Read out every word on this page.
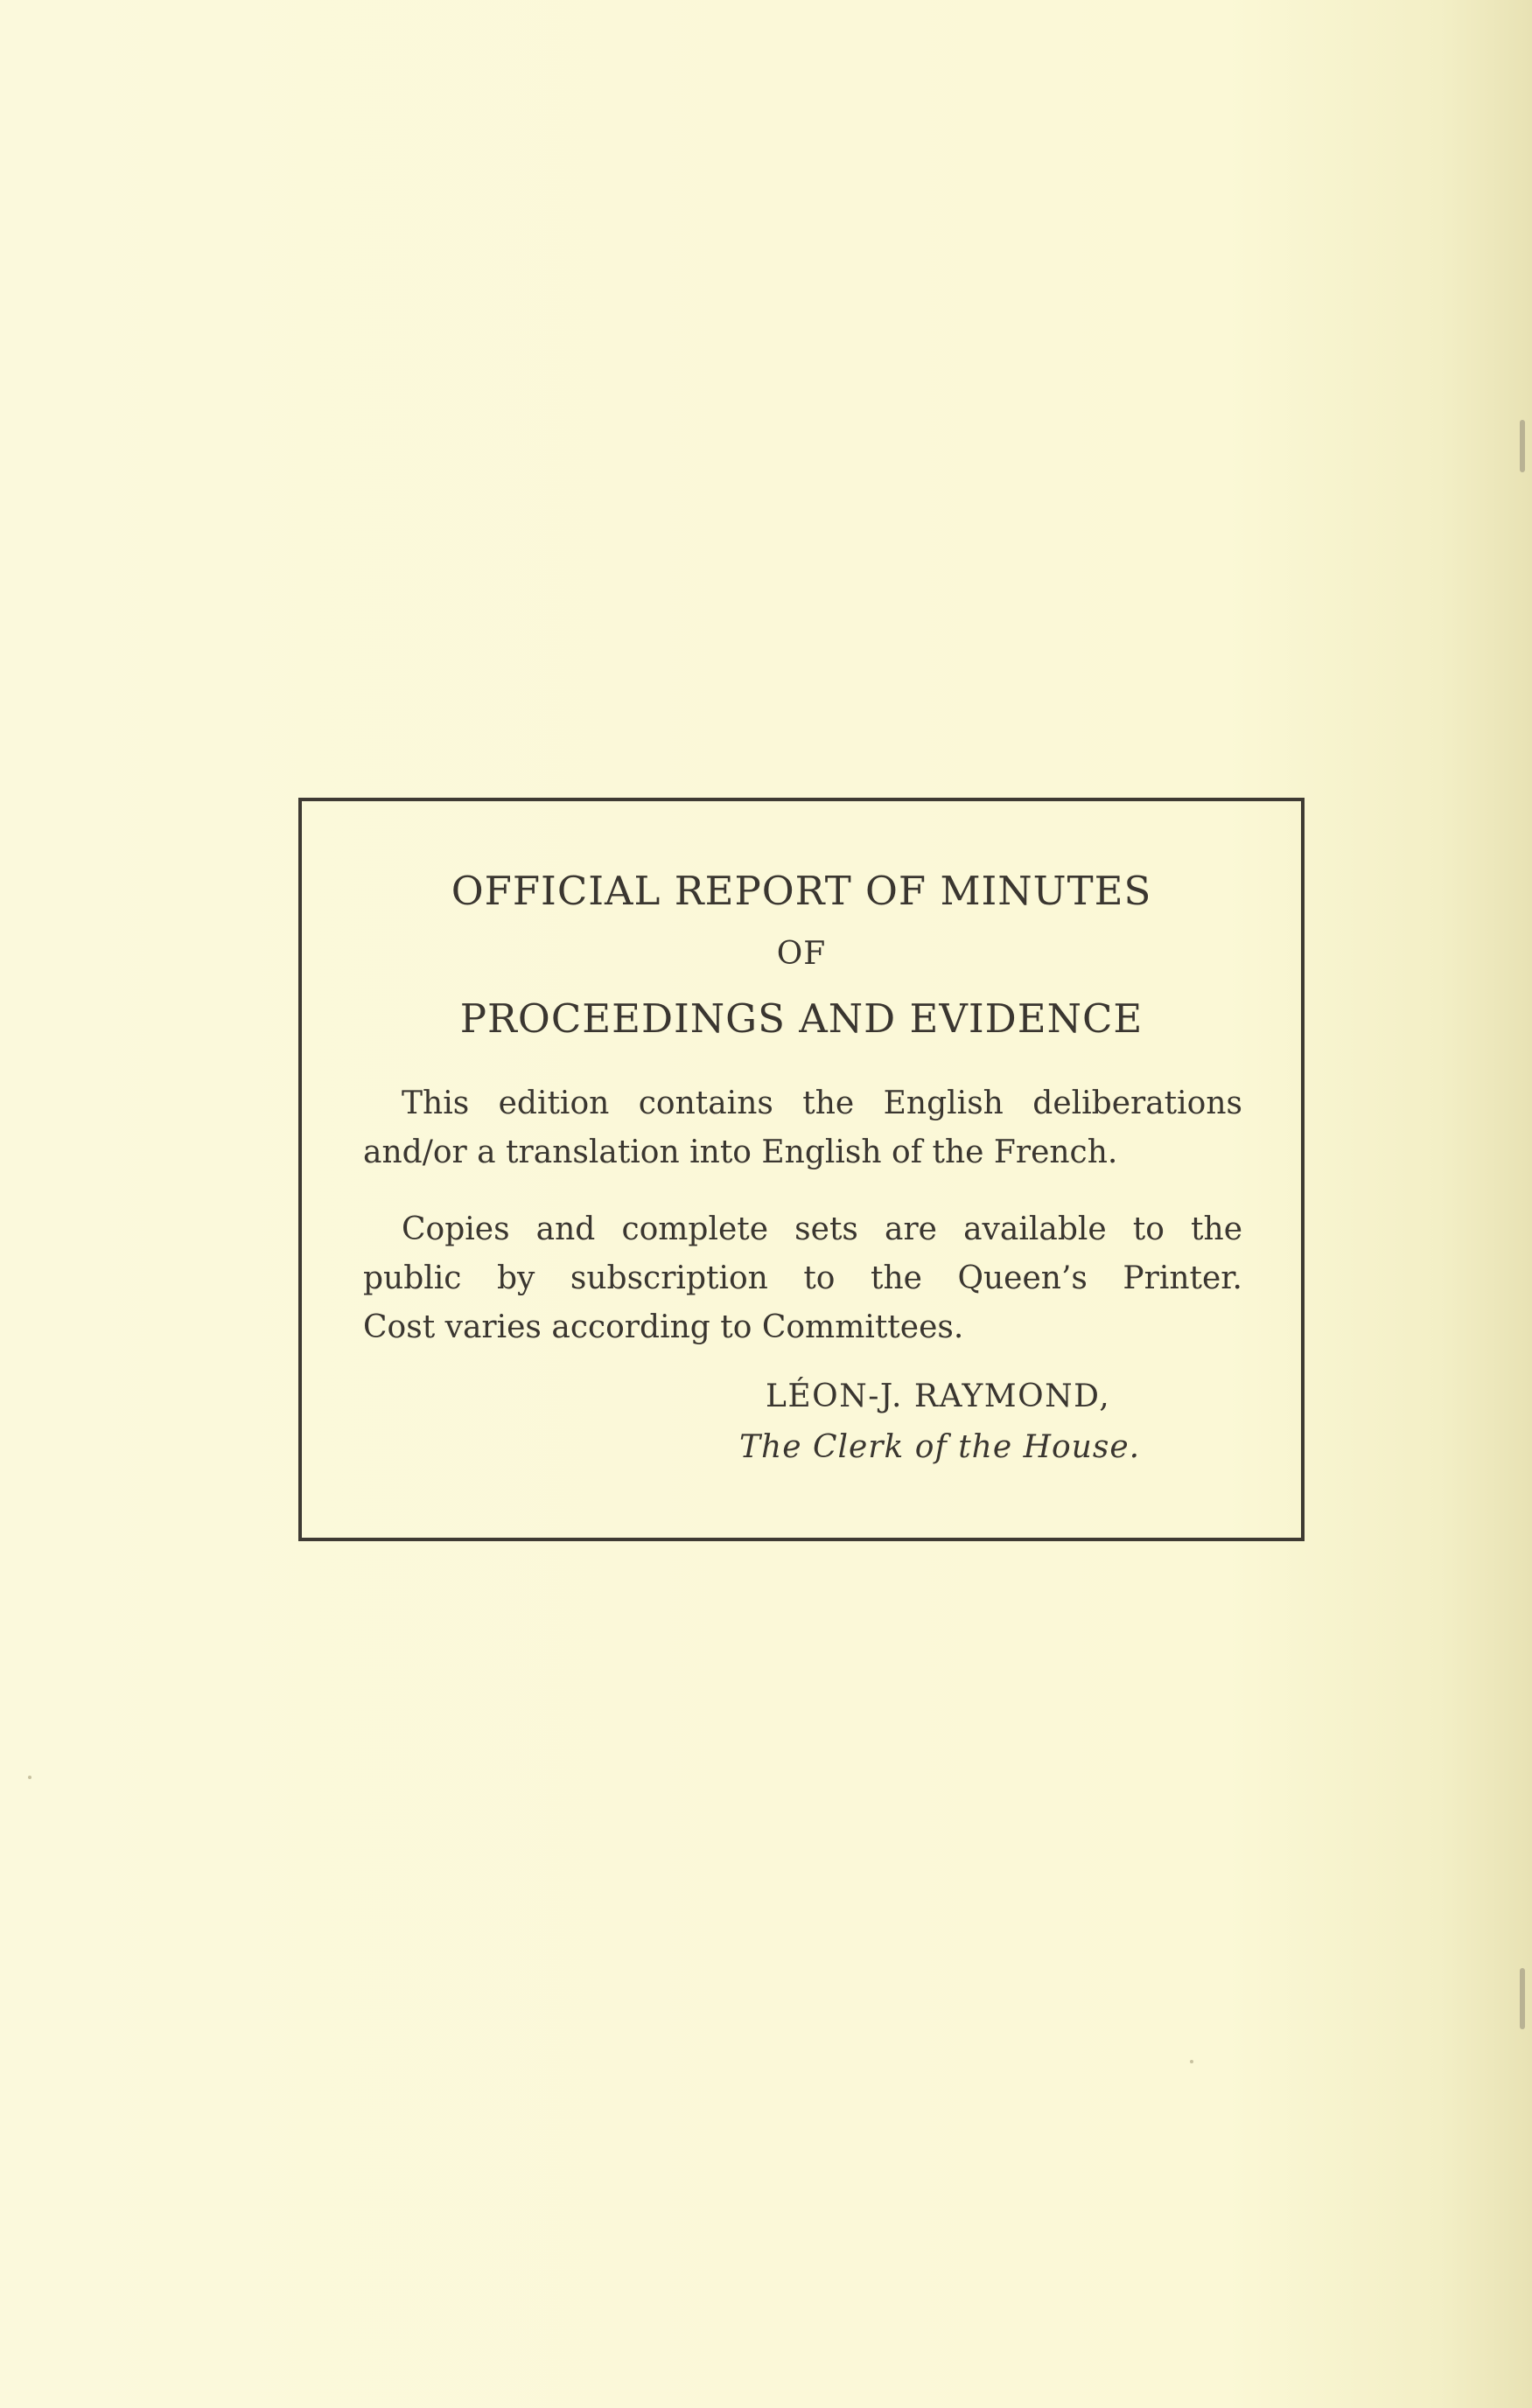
OFFICIAL REPORT OF MINUTES
OF
PROCEEDINGS AND EVIDENCE
This edition contains the English deliberations
and/or a translation into English of the French.
Copies and complete sets are available to the
public by subscription to the Queen’s Printer.
Cost varies according to Committees.
LÉON-J. RAYMOND,
The Clerk of the House.
